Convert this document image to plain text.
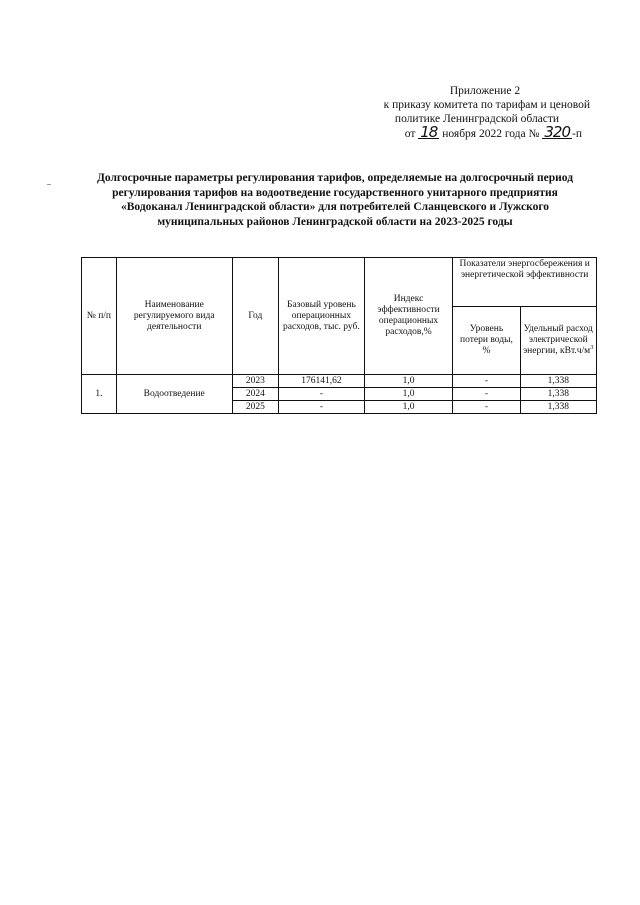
Приложение 2
к приказу комитета по тарифам и ценовой
политике Ленинградской области
от 18 ноября 2022 года № 320 -п
Долгосрочные параметры регулирования тарифов, определяемые на долгосрочный период
регулирования тарифов на водоотведение государственного унитарного предприятия
«Водоканал Ленинградской области» для потребителей Сланцевского и Лужского
муниципальных районов Ленинградской области на 2023-2025 годы
№ п/п	Наименование регулируемого вида деятельности	Год	Базовый уровень операционных расходов, тыс. руб.	Индекс эффективности операционных расходов,%	Показатели энергосбережения и энергетической эффективности	
					Уровень потери воды, %	Удельный расход электрической энергии, $кВт.ч/м^3$
1.	Водоотведение	2023	176141,62	1,0	-	1,338
		2024	-	1,0	-	1,338
		2025	-	1,0	-	1,338
